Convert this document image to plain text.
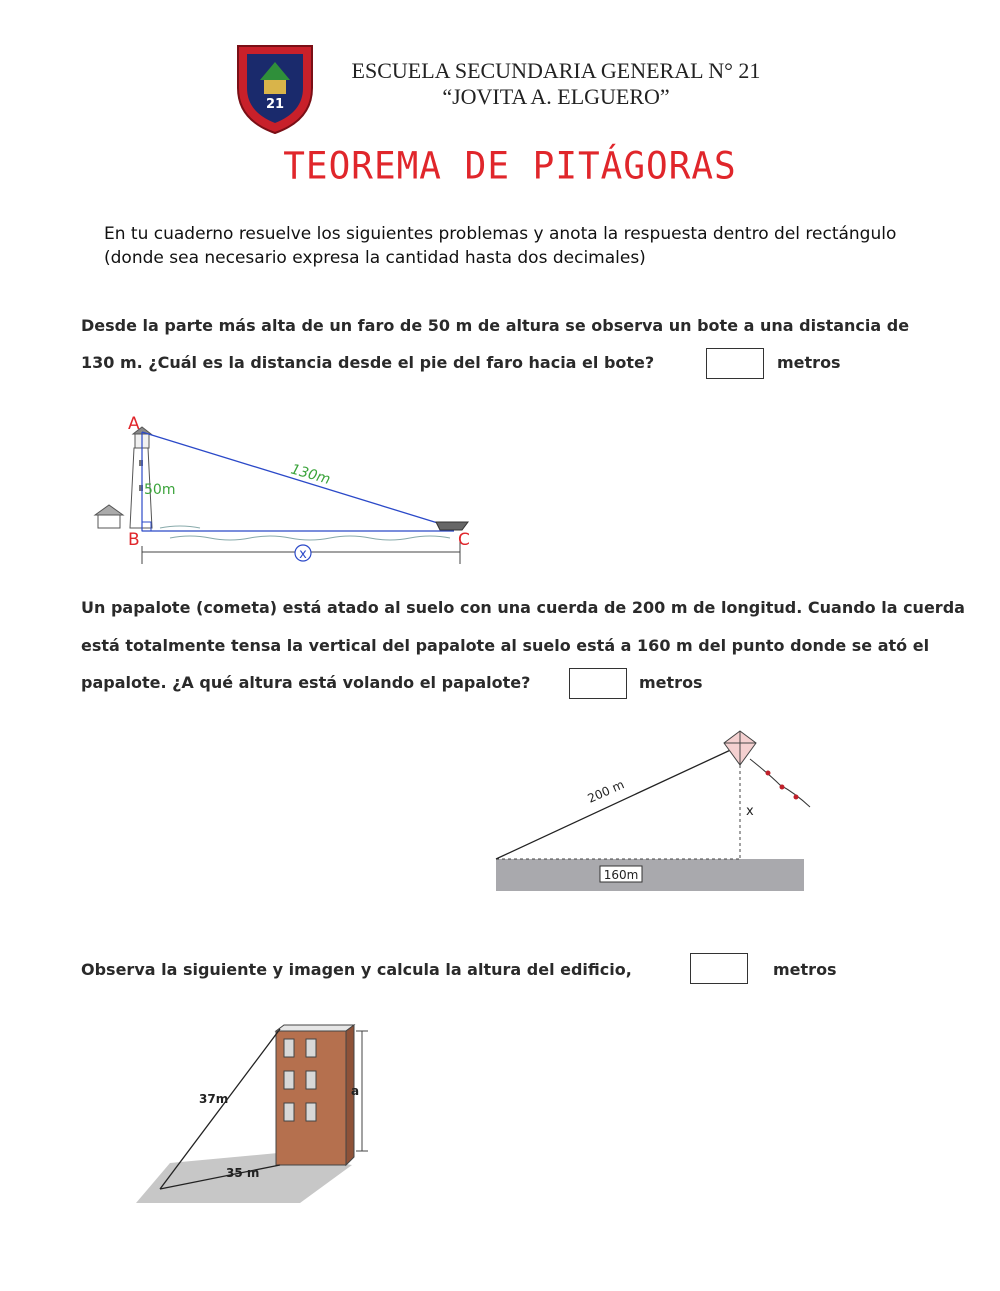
21
ESCUELA SECUNDARIA GENERAL N° 21
“JOVITA A. ELGUERO”
TEOREMA DE PITÁGORAS
En tu cuaderno resuelve los siguientes problemas y anota la respuesta dentro del rectángulo (donde sea necesario expresa la cantidad hasta dos decimales)
Desde la parte más alta de un faro de 50 m de altura se observa un bote a una distancia de
130 m. ¿Cuál es la distancia desde el pie del faro hacia el bote?	metros
x
A
B	C
50m
130m
Un papalote (cometa) está atado al suelo con una cuerda de 200 m de longitud. Cuando la cuerda
está totalmente tensa la vertical del papalote al suelo está a 160 m del punto donde se ató el
papalote. ¿A qué altura está volando el papalote?	metros
200 m
x
160m
Observa la siguiente y imagen y calcula la altura del edificio,	metros
37m
35 m
a
